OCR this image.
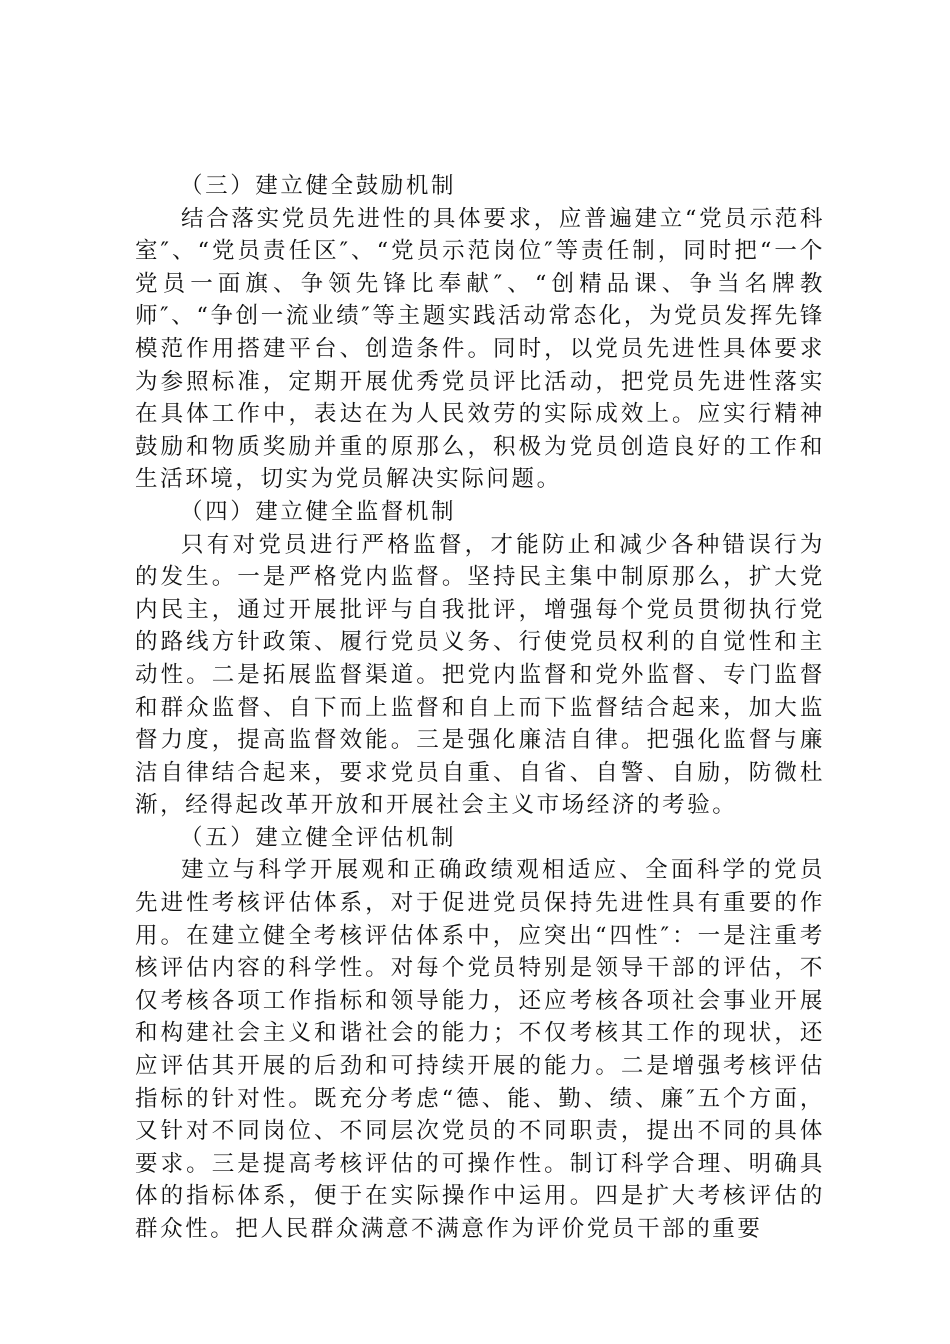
（三）建立健全鼓励机制

结合落实党员先进性的具体要求，应普遍建立“党员示范科室″、“党员责任区″、“党员示范岗位″等责任制，同时把“一个党员一面旗、争领先锋比奉献″、“创精品课、争当名牌教师″、“争创一流业绩″等主题实践活动常态化，为党员发挥先锋模范作用搭建平台、创造条件。同时，以党员先进性具体要求为参照标准，定期开展优秀党员评比活动，把党员先进性落实在具体工作中，表达在为人民效劳的实际成效上。应实行精神鼓励和物质奖励并重的原那么，积极为党员创造良好的工作和生活环境，切实为党员解决实际问题。

（四）建立健全监督机制

只有对党员进行严格监督，才能防止和减少各种错误行为的发生。一是严格党内监督。坚持民主集中制原那么，扩大党内民主，通过开展批评与自我批评，增强每个党员贯彻执行党的路线方针政策、履行党员义务、行使党员权利的自觉性和主动性。二是拓展监督渠道。把党内监督和党外监督、专门监督和群众监督、自下而上监督和自上而下监督结合起来，加大监督力度，提高监督效能。三是强化廉洁自律。把强化监督与廉洁自律结合起来，要求党员自重、自省、自警、自励，防微杜渐，经得起改革开放和开展社会主义市场经济的考验。

（五）建立健全评估机制

建立与科学开展观和正确政绩观相适应、全面科学的党员先进性考核评估体系，对于促进党员保持先进性具有重要的作用。在建立健全考核评估体系中，应突出“四性″：一是注重考核评估内容的科学性。对每个党员特别是领导干部的评估，不仅考核各项工作指标和领导能力，还应考核各项社会事业开展和构建社会主义和谐社会的能力；不仅考核其工作的现状，还应评估其开展的后劲和可持续开展的能力。二是增强考核评估指标的针对性。既充分考虑“德、能、勤、绩、廉″五个方面，又针对不同岗位、不同层次党员的不同职责，提出不同的具体要求。三是提高考核评估的可操作性。制订科学合理、明确具体的指标体系，便于在实际操作中运用。四是扩大考核评估的群众性。把人民群众满意不满意作为评价党员干部的重要
